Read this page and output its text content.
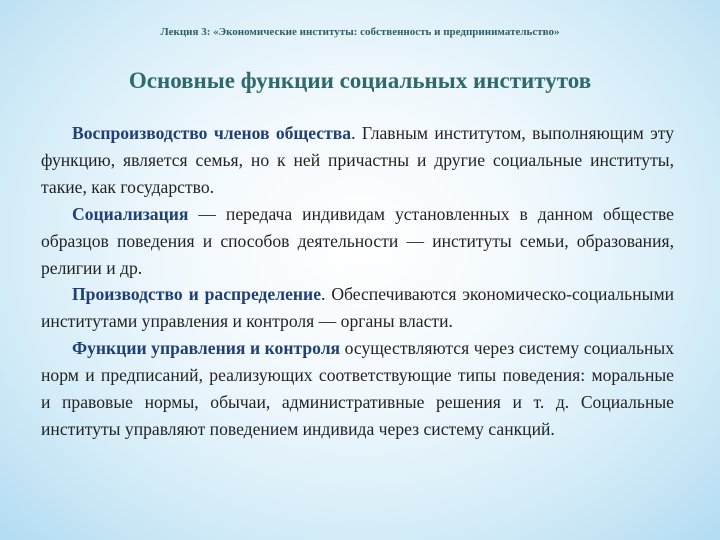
Лекция 3: «Экономические институты: собственность и предпринимательство»
Основные функции социальных институтов

Воспроизводство членов общества. Главным институтом, выполняющим эту функцию, является семья, но к ней причастны и другие социальные институты, такие, как государство.

Социализация — передача индивидам установленных в данном обществе образцов поведения и способов деятельности — институты семьи, образования, религии и др.

Производство и распределение. Обеспечиваются экономическо-социальными институтами управления и контроля — органы власти.

Функции управления и контроля осуществляются через систему социальных норм и предписаний, реализующих соответствующие типы поведения: моральные и правовые нормы, обычаи, административные решения и т. д. Социальные институты управляют поведением индивида через систему санкций.
